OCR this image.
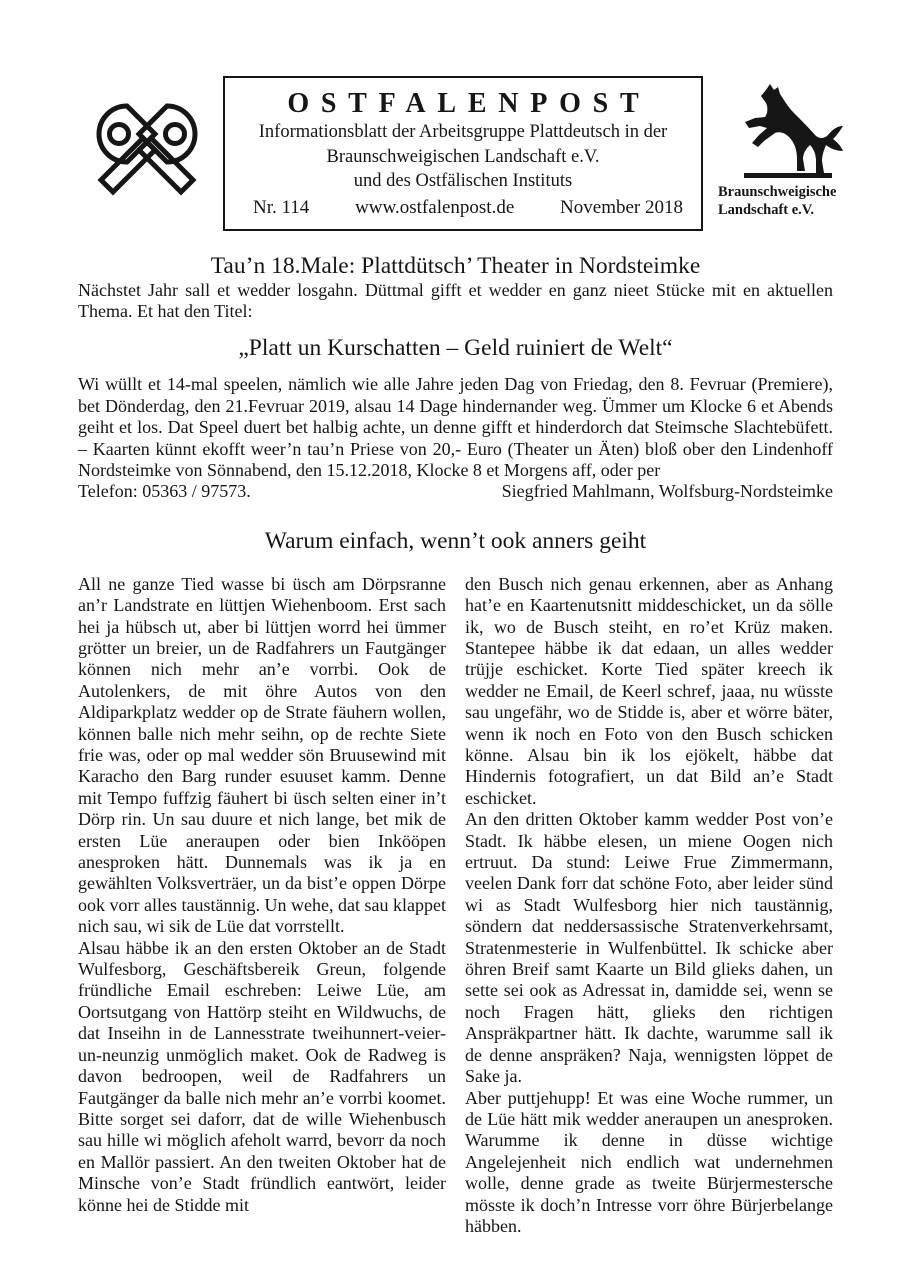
OSTFALENPOST
Informationsblatt der Arbeitsgruppe Plattdeutsch in der
Braunschweigischen Landschaft e.V.
und des Ostfälischen Instituts
Nr. 114 www.ostfalenpost.de November 2018
Braunschweigische
Landschaft e.V.
Tau’n 18.Male: Plattdütsch’ Theater in Nordsteimke

Nächstet Jahr sall et wedder losgahn. Düttmal gifft et wedder en ganz nieet Stücke mit en aktuellen Thema. Et hat den Titel:

„Platt un Kurschatten – Geld ruiniert de Welt“

Wi wüllt et 14-mal speelen, nämlich wie alle Jahre jeden Dag von Friedag, den 8. Fevruar (Premiere), bet Dönderdag, den 21.Fevruar 2019, alsau 14 Dage hindernander weg. Ümmer um Klocke 6 et Abends geiht et los. Dat Speel duert bet halbig achte, un denne gifft et hinderdorch dat Steimsche Slachtebüfett. – Kaarten künnt ekofft weer’n tau’n Priese von 20,- Euro (Theater un Äten) bloß ober den Lindenhoff Nordsteimke von Sönnabend, den 15.12.2018, Klocke 8 et Morgens aff, oder per

Telefon: 05363 / 97573.	Siegfried Mahlmann, Wolfsburg-Nordsteimke
Warum einfach, wenn’t ook anners geiht

All ne ganze Tied wasse bi üsch am Dörpsranne an’r Landstrate en lüttjen Wiehenboom. Erst sach hei ja hübsch ut, aber bi lüttjen worrd hei ümmer grötter un breier, un de Radfahrers un Fautgänger können nich mehr an’e vorrbi. Ook de Autolenkers, de mit öhre Autos von den Aldiparkplatz wedder op de Strate fäuhern wollen, können balle nich mehr seihn, op de rechte Siete frie was, oder op mal wedder sön Bruusewind mit Karacho den Barg runder esuuset kamm. Denne mit Tempo fuffzig fäuhert bi üsch selten einer in’t Dörp rin. Un sau duure et nich lange, bet mik de ersten Lüe aneraupen oder bien Inkööpen anesproken hätt. Dunnemals was ik ja en gewählten Volksverträer, un da bist’e oppen Dörpe ook vorr alles taustännig. Un wehe, dat sau klappet nich sau, wi sik de Lüe dat vorrstellt.

Alsau häbbe ik an den ersten Oktober an de Stadt Wulfesborg, Geschäftsbereik Greun, folgende fründliche Email eschreben: Leiwe Lüe, am Oortsutgang von Hattörp steiht en Wildwuchs, de dat Inseihn in de Lannesstrate tweihunnert-veier-un-neunzig unmöglich maket. Ook de Radweg is davon bedroopen, weil de Radfahrers un Fautgänger da balle nich mehr an’e vorrbi koomet. Bitte sorget sei daforr, dat de wille Wiehenbusch sau hille wi möglich afeholt warrd, bevorr da noch en Mallör passiert. An den tweiten Oktober hat de Minsche von’e Stadt fründlich eantwört, leider könne hei de Stidde mit

den Busch nich genau erkennen, aber as Anhang hat’e en Kaartenutsnitt middeschicket, un da sölle ik, wo de Busch steiht, en ro’et Krüz maken. Stantepee häbbe ik dat edaan, un alles wedder trüjje eschicket. Korte Tied später kreech ik wedder ne Email, de Keerl schref, jaaa, nu wüsste sau ungefähr, wo de Stidde is, aber et wörre bäter, wenn ik noch en Foto von den Busch schicken könne. Alsau bin ik los ejökelt, häbbe dat Hindernis fotografiert, un dat Bild an’e Stadt eschicket.

An den dritten Oktober kamm wedder Post von’e Stadt. Ik häbbe elesen, un miene Oogen nich ertruut. Da stund: Leiwe Frue Zimmermann, veelen Dank forr dat schöne Foto, aber leider sünd wi as Stadt Wulfesborg hier nich taustännig, söndern dat neddersassische Stratenverkehrsamt, Stratenmesterie in Wulfenbüttel. Ik schicke aber öhren Breif samt Kaarte un Bild glieks dahen, un sette sei ook as Adressat in, damidde sei, wenn se noch Fragen hätt, glieks den richtigen Anspräkpartner hätt. Ik dachte, warumme sall ik de denne anspräken? Naja, wennigsten löppet de Sake ja.

Aber puttjehupp! Et was eine Woche rummer, un de Lüe hätt mik wedder aneraupen un anesproken. Warumme ik denne in düsse wichtige Angelejenheit nich endlich wat undernehmen wolle, denne grade as tweite Bürjermestersche mösste ik doch’n Intresse vorr öhre Bürjerbelange häbben.
